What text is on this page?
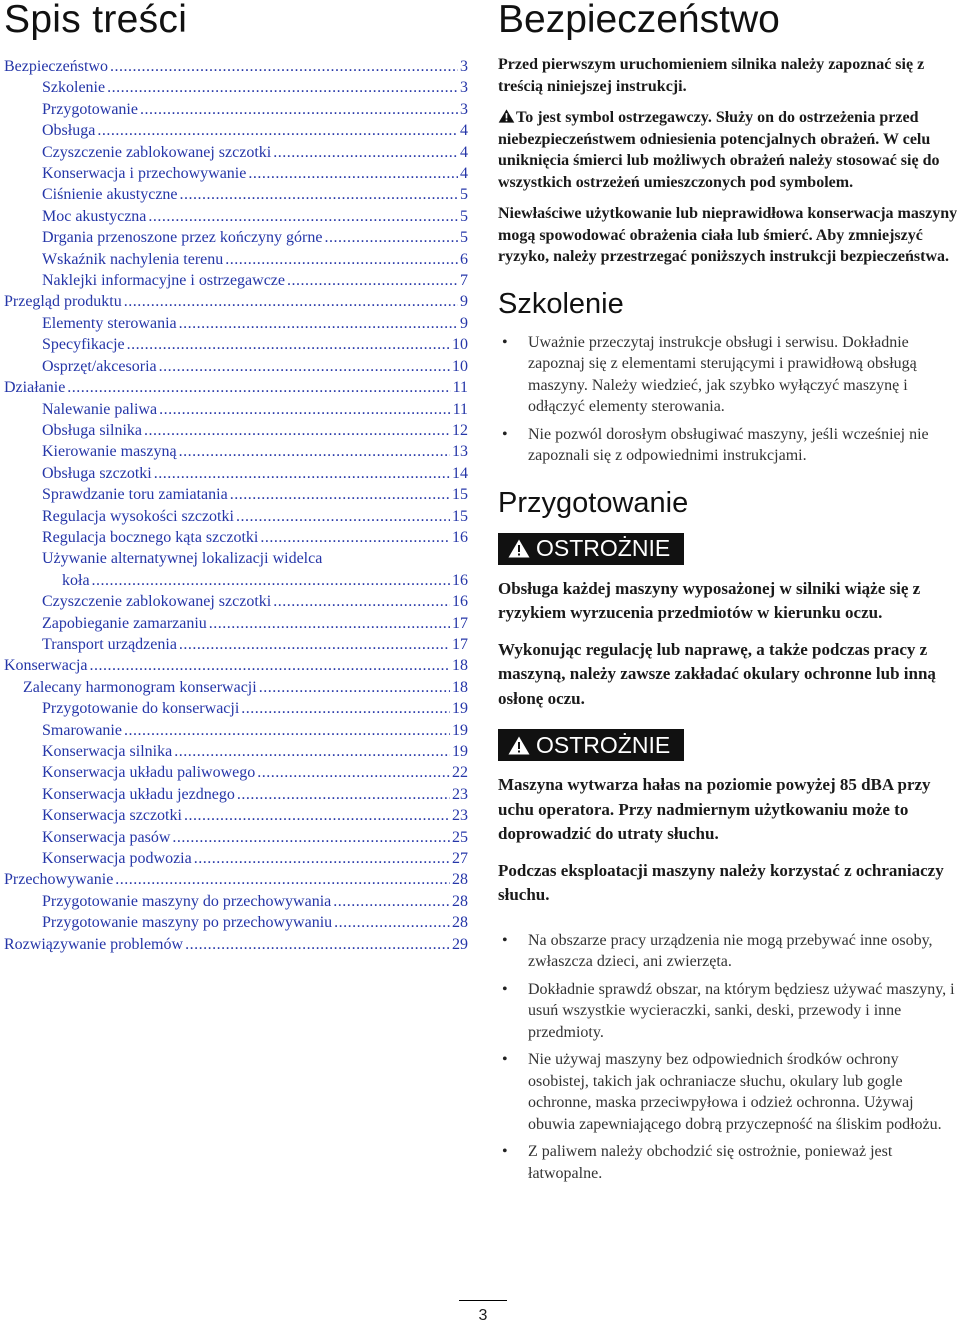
Spis treści
Bezpieczeństwo .....	3
Szkolenie .....	3
Przygotowanie .....	3
Obsługa .....	4
Czyszczenie zablokowanej szczotki .....	4
Konserwacja i przechowywanie .....	4
Ciśnienie akustyczne .....	5
Moc akustyczna .....	5
Drgania przenoszone przez kończyny górne .....	5
Wskaźnik nachylenia terenu .....	6
Naklejki informacyjne i ostrzegawcze .....	7
Przegląd produktu .....	9
Elementy sterowania .....	9
Specyfikacje .....	10
Osprzęt/akcesoria .....	10
Działanie .....	11
Nalewanie paliwa .....	11
Obsługa silnika .....	12
Kierowanie maszyną .....	13
Obsługa szczotki .....	14
Sprawdzanie toru zamiatania .....	15
Regulacja wysokości szczotki .....	15
Regulacja bocznego kąta szczotki .....	16
Używanie alternatywnej lokalizacji widelca
koła .....	16
Czyszczenie zablokowanej szczotki .....	16
Zapobieganie zamarzaniu .....	17
Transport urządzenia .....	17
Konserwacja .....	18
Zalecany harmonogram konserwacji .....	18
Przygotowanie do konserwacji .....	19
Smarowanie .....	19
Konserwacja silnika .....	19
Konserwacja układu paliwowego .....	22
Konserwacja układu jezdnego .....	23
Konserwacja szczotki .....	23
Konserwacja pasów .....	25
Konserwacja podwozia .....	27
Przechowywanie .....	28
Przygotowanie maszyny do przechowywania .....	28
Przygotowanie maszyny po przechowywaniu .....	28
Rozwiązywanie problemów .....	29
Bezpieczeństwo

Przed pierwszym uruchomieniem silnika należy zapoznać się z treścią niniejszej instrukcji.

To jest symbol ostrzegawczy. Służy on do ostrzeżenia przed niebezpieczeństwem odniesienia potencjalnych obrażeń. W celu uniknięcia śmierci lub możliwych obrażeń należy stosować się do wszystkich ostrzeżeń umieszczonych pod symbolem.

Niewłaściwe użytkowanie lub nieprawidłowa konserwacja maszyny mogą spowodować obrażenia ciała lub śmierć. Aby zmniejszyć ryzyko, należy przestrzegać poniższych instrukcji bezpieczeństwa.

Szkolenie
• Uważnie przeczytaj instrukcje obsługi i serwisu. Dokładnie zapoznaj się z elementami sterującymi i prawidłową obsługą maszyny. Należy wiedzieć, jak szybko wyłączyć maszynę i odłączyć elementy sterowania.
• Nie pozwól dorosłym obsługiwać maszyny, jeśli wcześniej nie zapoznali się z odpowiednimi instrukcjami.
Przygotowanie
OSTROŻNIE

Obsługa każdej maszyny wyposażonej w silniki wiąże się z ryzykiem wyrzucenia przedmiotów w kierunku oczu.

Wykonując regulację lub naprawę, a także podczas pracy z maszyną, należy zawsze zakładać okulary ochronne lub inną osłonę oczu.

OSTROŻNIE

Maszyna wytwarza hałas na poziomie powyżej 85 dBA przy uchu operatora. Przy nadmiernym użytkowaniu może to doprowadzić do utraty słuchu.

Podczas eksploatacji maszyny należy korzystać z ochraniaczy słuchu.

• Na obszarze pracy urządzenia nie mogą przebywać inne osoby, zwłaszcza dzieci, ani zwierzęta.
• Dokładnie sprawdź obszar, na którym będziesz używać maszyny, i usuń wszystkie wycieraczki, sanki, deski, przewody i inne przedmioty.
• Nie używaj maszyny bez odpowiednich środków ochrony osobistej, takich jak ochraniacze słuchu, okulary lub gogle ochronne, maska przeciwpyłowa i odzież ochronna. Używaj obuwia zapewniającego dobrą przyczepność na śliskim podłożu.
• Z paliwem należy obchodzić się ostrożnie, ponieważ jest łatwopalne.
3
